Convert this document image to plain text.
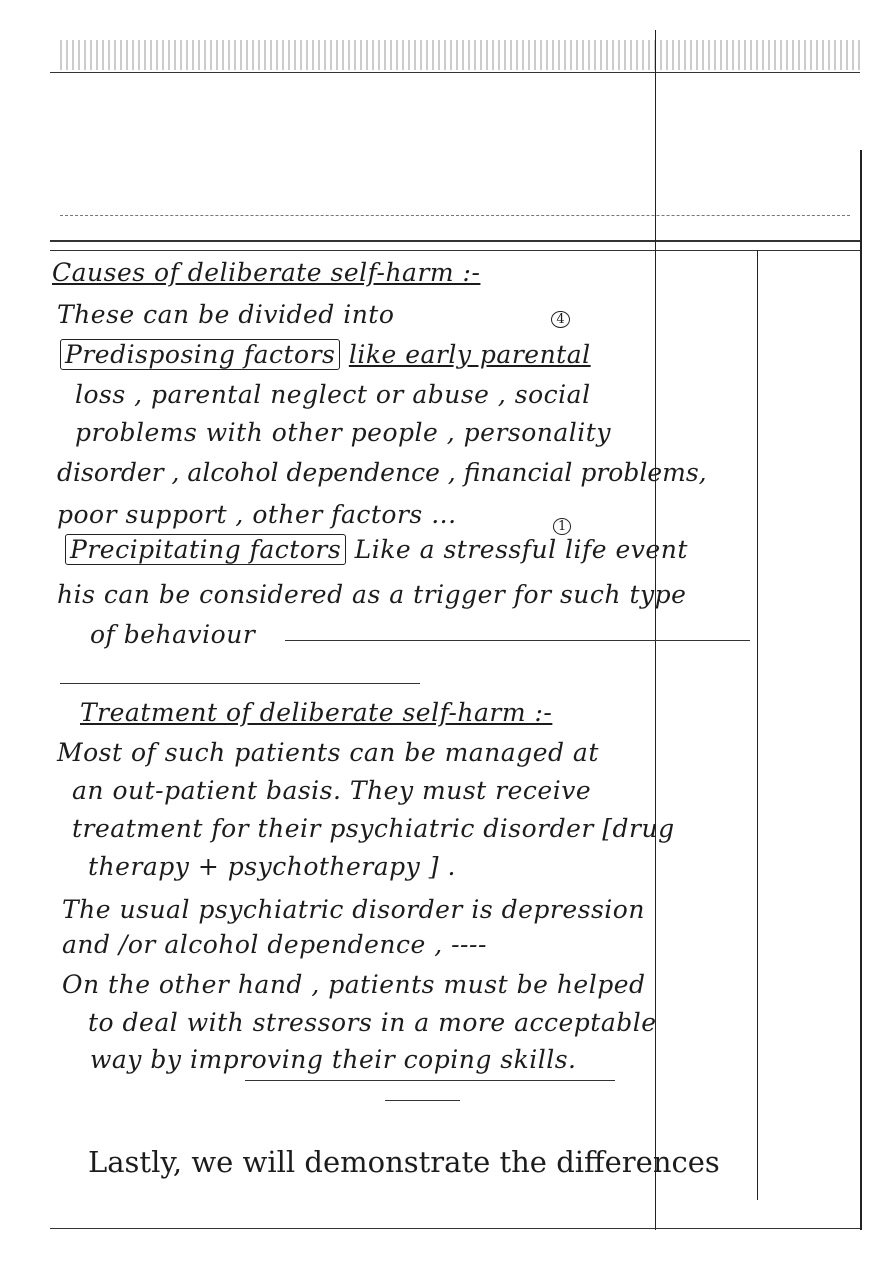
Causes of deliberate self-harm :-
These can be divided into	4
Predisposing factors like early parental
loss , parental neglect or abuse , social
problems with other people , personality
disorder , alcohol dependence , financial problems,
poor support , other factors ...
Precipitating factors Like a stressful life event
1
his can be considered as a trigger for such type
of behaviour
Treatment of deliberate self-harm :-
Most of such patients can be managed at
an out-patient basis. They must receive
treatment for their psychiatric disorder [drug
therapy + psychotherapy ] .
The usual psychiatric disorder is depression
and /or alcohol dependence , ----
On the other hand , patients must be helped
to deal with stressors in a more acceptable
way by improving their coping skills.
Lastly, we will demonstrate the differences
